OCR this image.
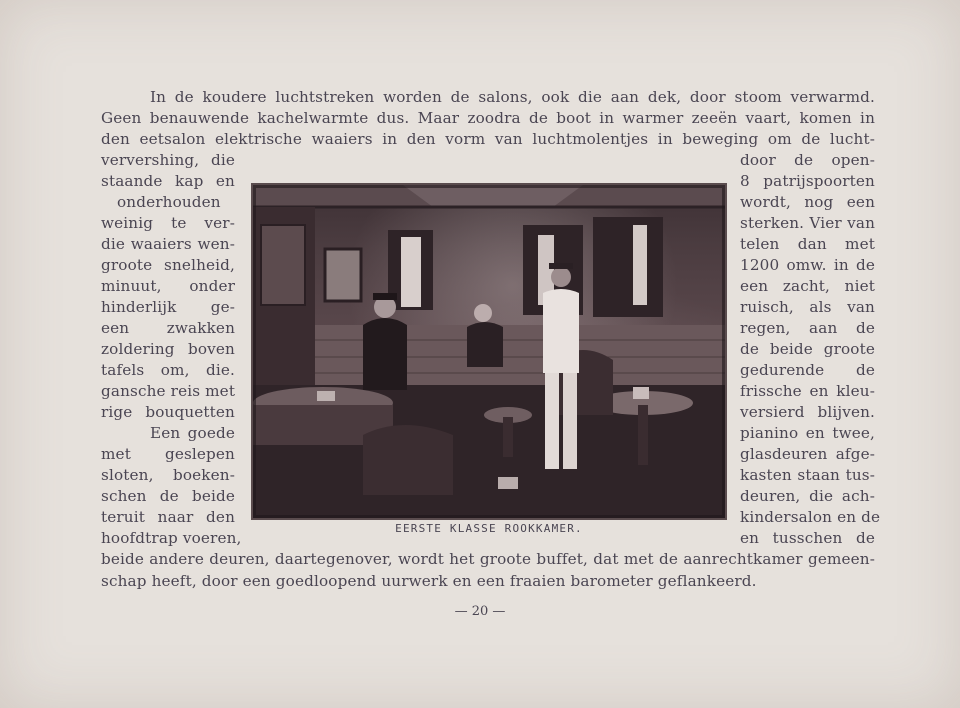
In de koudere luchtstreken worden de salons, ook die aan dek, door stoom verwarmd.
Geen benauwende kachelwarmte dus. Maar zoodra de boot in warmer zeeën vaart, komen in
den eetsalon elektrische waaiers in den vorm van luchtmolentjes in beweging om de lucht-
ververshing, die
staande kap en
onderhouden
weinig te ver-
die waaiers wen-
groote snelheid,
minuut, onder
hinderlijk ge-
een zwakken
zoldering boven
tafels om, die.
gansche reis met
rige bouquetten
Een goede
met geslepen
sloten, boeken-
schen de beide
teruit naar den
hoofdtrap voeren,
door de open-
8 patrijspoorten
wordt, nog een
sterken. Vier van
telen dan met
1200 omw. in de
een zacht, niet
ruisch, als van
regen, aan de
de beide groote
gedurende de
frissche en kleu-
versierd blijven.
pianino en twee,
glasdeuren afge-
kasten staan tus-
deuren, die ach-
kindersalon en de
en tusschen de
EERSTE KLASSE ROOKKAMER.
beide andere deuren, daartegenover, wordt het groote buffet, dat met de aanrechtkamer gemeen-
schap heeft, door een goedloopend uurwerk en een fraaien barometer geflankeerd.
— 20 —
